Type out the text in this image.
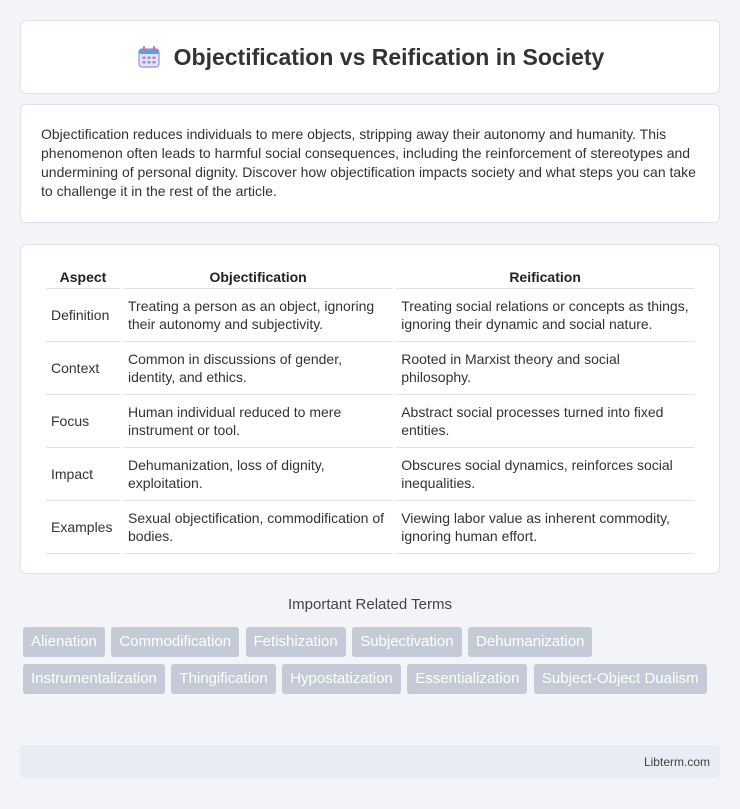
Objectification vs Reification in Society

Objectification reduces individuals to mere objects, stripping away their autonomy and humanity. This phenomenon often leads to harmful social consequences, including the reinforcement of stereotypes and undermining of personal dignity. Discover how objectification impacts society and what steps you can take to challenge it in the rest of the article.

Aspect	Objectification	Reification
Definition	Treating a person as an object, ignoring their autonomy and subjectivity.	Treating social relations or concepts as things, ignoring their dynamic and social nature.
Context	Common in discussions of gender, identity, and ethics.	Rooted in Marxist theory and social philosophy.
Focus	Human individual reduced to mere instrument or tool.	Abstract social processes turned into fixed entities.
Impact	Dehumanization, loss of dignity, exploitation.	Obscures social dynamics, reinforces social inequalities.
Examples	Sexual objectification, commodification of bodies.	Viewing labor value as inherent commodity, ignoring human effort.
Important Related Terms
Alienation Commodification Fetishization Subjectivation Dehumanization Instrumentalization Thingification Hypostatization Essentialization Subject-Object Dualism
Libterm.com
